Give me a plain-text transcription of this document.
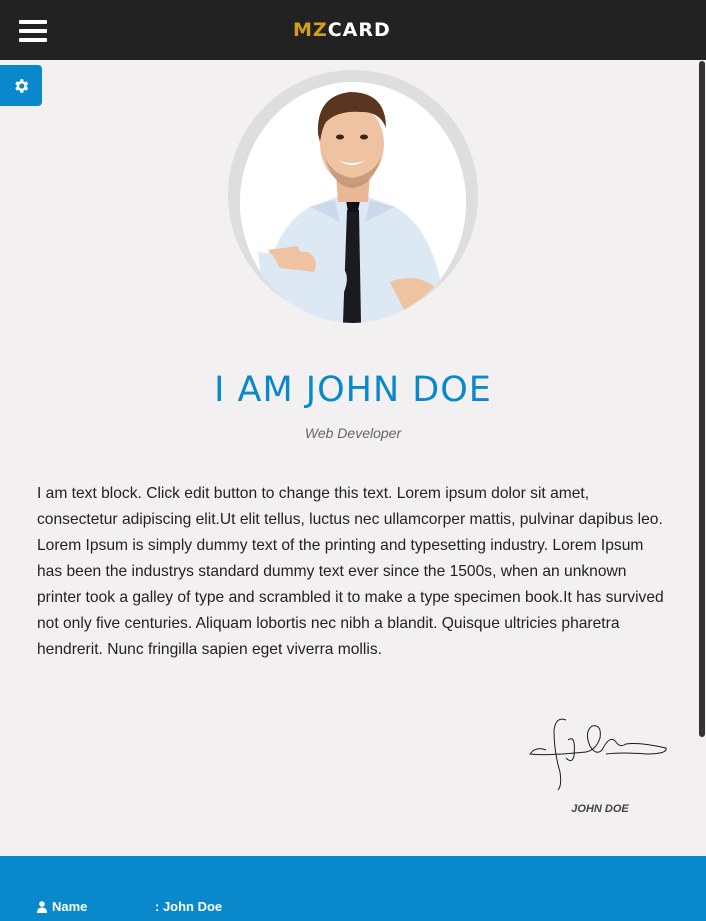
MZCARD
I AM JOHN DOE
Web Developer

I am text block. Click edit button to change this text. Lorem ipsum dolor sit amet, consectetur adipiscing elit.Ut elit tellus, luctus nec ullamcorper mattis, pulvinar dapibus leo. Lorem Ipsum is simply dummy text of the printing and typesetting industry. Lorem Ipsum has been the industrys standard dummy text ever since the 1500s, when an unknown printer took a galley of type and scrambled it to make a type specimen book.It has survived not only five centuries. Aliquam lobortis nec nibh a blandit. Quisque ultricies pharetra hendrerit. Nunc fringilla sapien eget viverra mollis.

JOHN DOE
Name	: John Doe
